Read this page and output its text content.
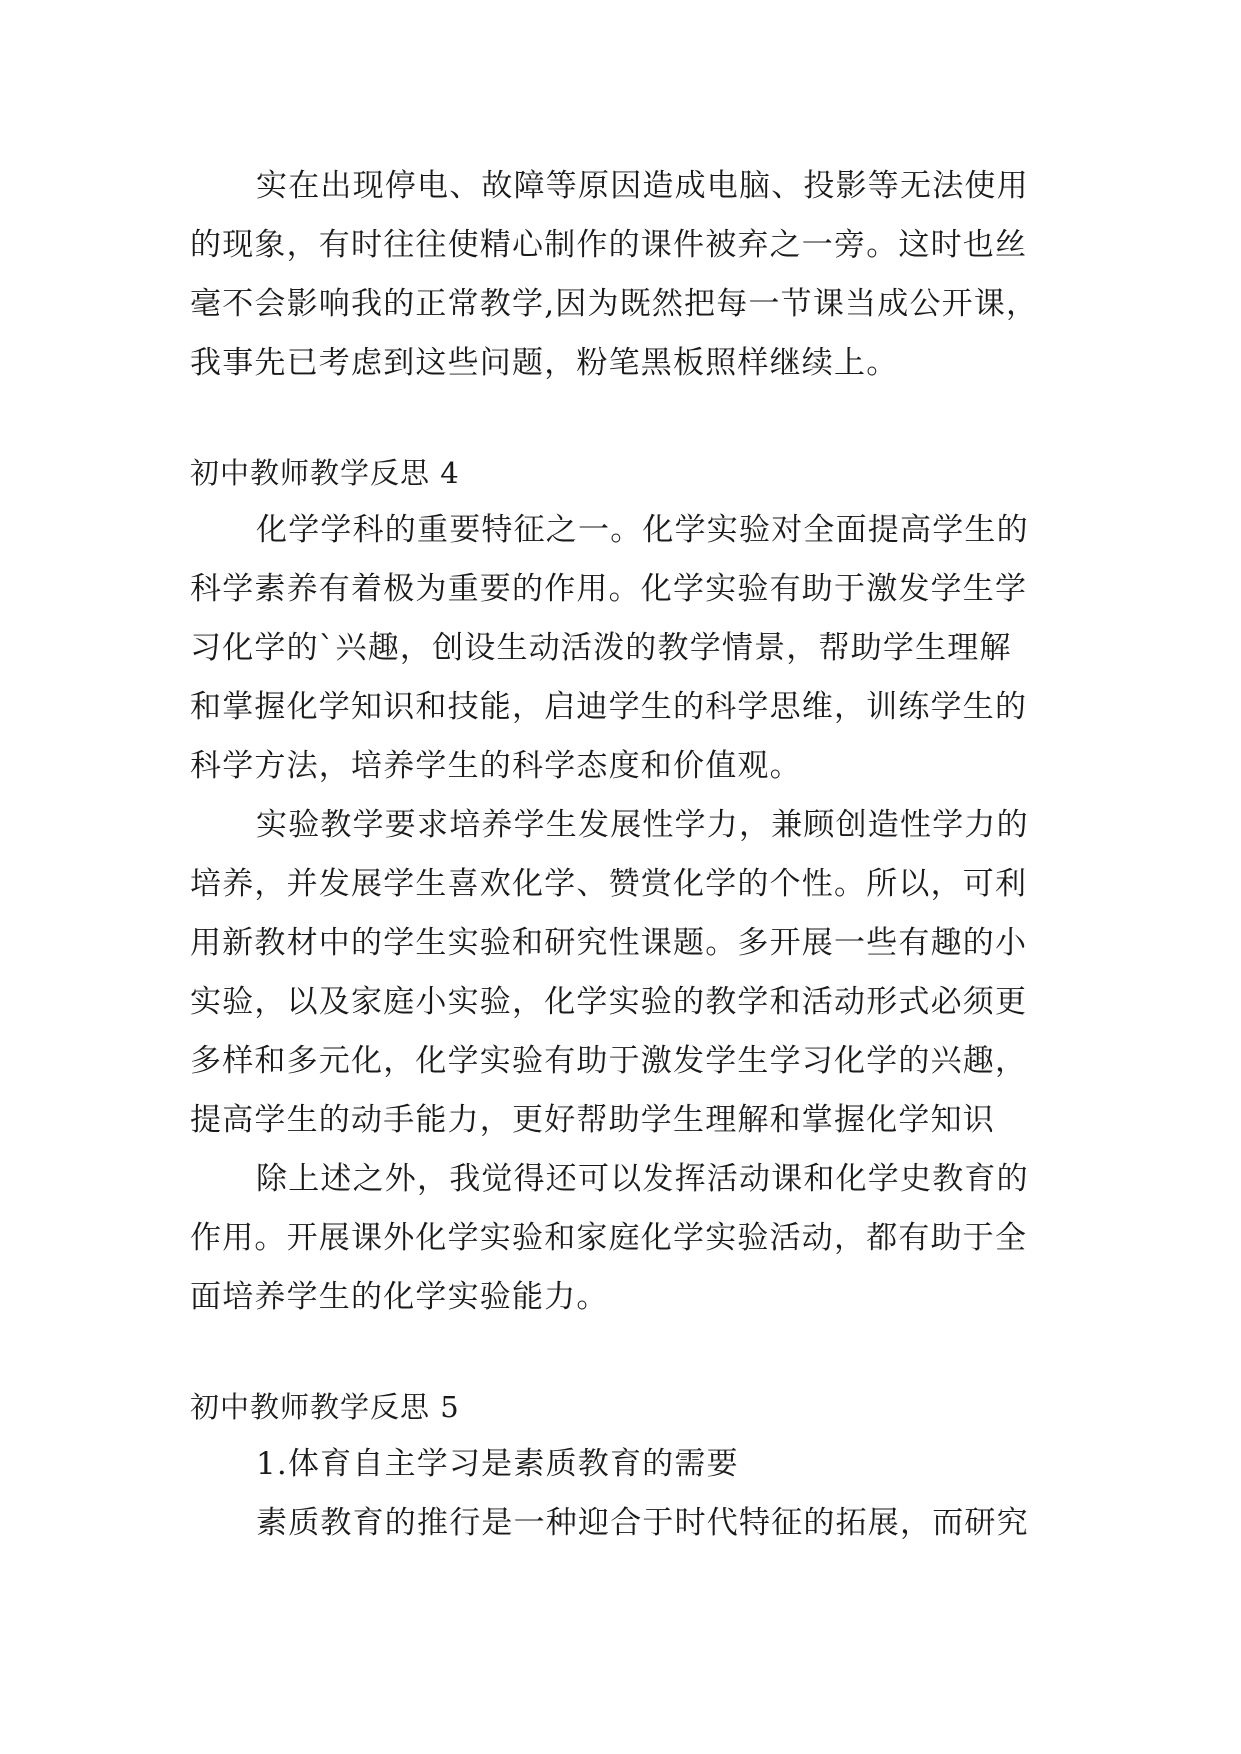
实在出现停电、故障等原因造成电脑、投影等无法使用
的现象，有时往往使精心制作的课件被弃之一旁。这时也丝
毫不会影响我的正常教学,因为既然把每一节课当成公开课，
我事先已考虑到这些问题，粉笔黑板照样继续上。
初中教师教学反思 4
化学学科的重要特征之一。化学实验对全面提高学生的
科学素养有着极为重要的作用。化学实验有助于激发学生学
习化学的`兴趣，创设生动活泼的教学情景，帮助学生理解
和掌握化学知识和技能，启迪学生的科学思维，训练学生的
科学方法，培养学生的科学态度和价值观。
实验教学要求培养学生发展性学力，兼顾创造性学力的
培养，并发展学生喜欢化学、赞赏化学的个性。所以，可利
用新教材中的学生实验和研究性课题。多开展一些有趣的小
实验，以及家庭小实验，化学实验的教学和活动形式必须更
多样和多元化，化学实验有助于激发学生学习化学的兴趣，
提高学生的动手能力，更好帮助学生理解和掌握化学知识
除上述之外，我觉得还可以发挥活动课和化学史教育的
作用。开展课外化学实验和家庭化学实验活动，都有助于全
面培养学生的化学实验能力。
初中教师教学反思 5
1.体育自主学习是素质教育的需要
素质教育的推行是一种迎合于时代特征的拓展，而研究
